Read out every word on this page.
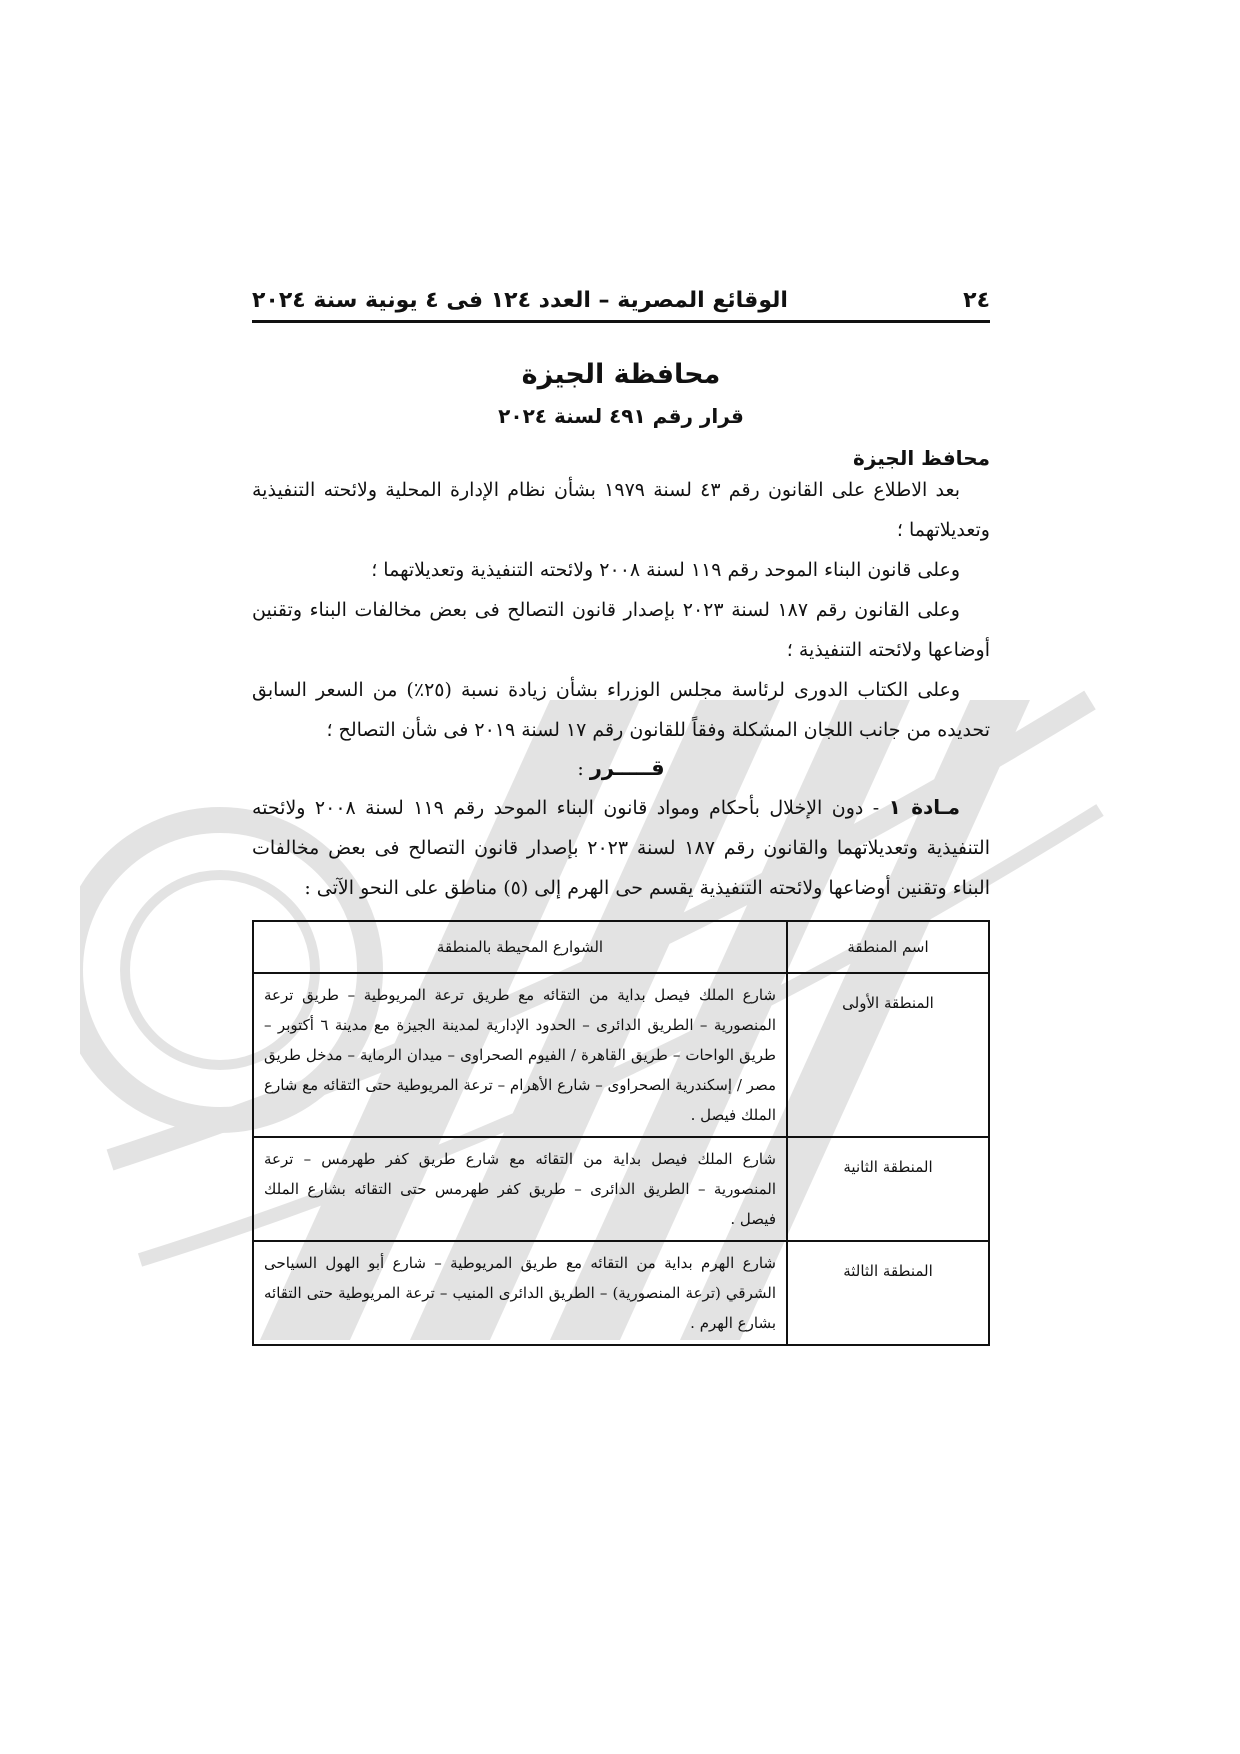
٢٤
الوقائع المصرية – العدد ١٢٤ فى ٤ يونية سنة ٢٠٢٤
محافظة الجيزة
قرار رقم ٤٩١ لسنة ٢٠٢٤
محافظ الجيزة

بعد الاطلاع على القانون رقم ٤٣ لسنة ١٩٧٩ بشأن نظام الإدارة المحلية ولائحته التنفيذية وتعديلاتهما ؛

وعلى قانون البناء الموحد رقم ١١٩ لسنة ٢٠٠٨ ولائحته التنفيذية وتعديلاتهما ؛

وعلى القانون رقم ١٨٧ لسنة ٢٠٢٣ بإصدار قانون التصالح فى بعض مخالفات البناء وتقنين أوضاعها ولائحته التنفيذية ؛

وعلى الكتاب الدورى لرئاسة مجلس الوزراء بشأن زيادة نسبة (٢٥٪) من السعر السابق تحديده من جانب اللجان المشكلة وفقاً للقانون رقم ١٧ لسنة ٢٠١٩ فى شأن التصالح ؛

قـــــرر :

مـادة ١ - دون الإخلال بأحكام ومواد قانون البناء الموحد رقم ١١٩ لسنة ٢٠٠٨ ولائحته التنفيذية وتعديلاتهما والقانون رقم ١٨٧ لسنة ٢٠٢٣ بإصدار قانون التصالح فى بعض مخالفات البناء وتقنين أوضاعها ولائحته التنفيذية يقسم حى الهرم إلى (٥) مناطق على النحو الآتى :

اسم المنطقة	الشوارع المحيطة بالمنطقة
المنطقة الأولى	شارع الملك فيصل بداية من التقائه مع طريق ترعة المريوطية – طريق ترعة المنصورية – الطريق الدائرى – الحدود الإدارية لمدينة الجيزة مع مدينة ٦ أكتوبر – طريق الواحات – طريق القاهرة / الفيوم الصحراوى – ميدان الرماية – مدخل طريق مصر / إسكندرية الصحراوى – شارع الأهرام – ترعة المريوطية حتى التقائه مع شارع الملك فيصل .
المنطقة الثانية	شارع الملك فيصل بداية من التقائه مع شارع طريق كفر طهرمس – ترعة المنصورية – الطريق الدائرى – طريق كفر طهرمس حتى التقائه بشارع الملك فيصل .
المنطقة الثالثة	شارع الهرم بداية من التقائه مع طريق المريوطية – شارع أبو الهول السياحى الشرقي (ترعة المنصورية) – الطريق الدائرى المنيب – ترعة المريوطية حتى التقائه بشارع الهرم .
